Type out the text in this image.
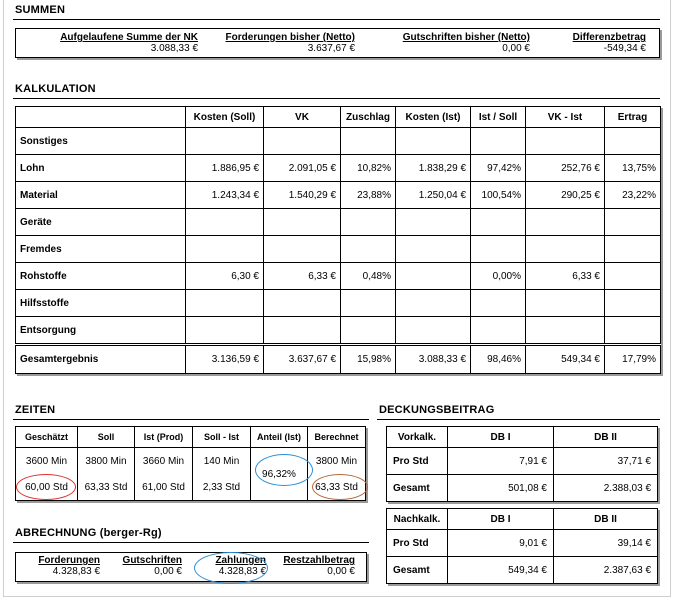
SUMMEN
Aufgelaufene Summe der NK
3.088,33 €
Forderungen bisher (Netto)
3.637,67 €
Gutschriften bisher (Netto)
0,00 €
Differenzbetrag
-549,34 €
KALKULATION
	Kosten (Soll)	VK	Zuschlag	Kosten (Ist)	Ist / Soll	VK - Ist	Ertrag
Sonstiges							
Lohn	1.886,95 €	2.091,05 €	10,82%	1.838,29 €	97,42%	252,76 €	13,75%
Material	1.243,34 €	1.540,29 €	23,88%	1.250,04 €	100,54%	290,25 €	23,22%
Geräte							
Fremdes							
Rohstoffe	6,30 €	6,33 €	0,48%		0,00%	6,33 €	
Hilfsstoffe							
Entsorgung							
Gesamtergebnis	3.136,59 €	3.637,67 €	15,98%	3.088,33 €	98,46%	549,34 €	17,79%
ZEITEN
Geschätzt	Soll	Ist (Prod)	Soll - Ist	Anteil (Ist)	Berechnet
3600 Min	3800 Min	3660 Min	140 Min	96,32%	3800 Min
60,00 Std	63,33 Std	61,00 Std	2,33 Std		63,33 Std
ABRECHNUNG (berger-Rg)
Forderungen
4.328,83 €
Gutschriften
0,00 €
Zahlungen
4.328,83 €
Restzahlbetrag
0,00 €
DECKUNGSBEITRAG
Vorkalk.	DB I	DB II
Pro Std	7,91 €	37,71 €
Gesamt	501,08 €	2.388,03 €
Nachkalk.	DB I	DB II
Pro Std	9,01 €	39,14 €
Gesamt	549,34 €	2.387,63 €
